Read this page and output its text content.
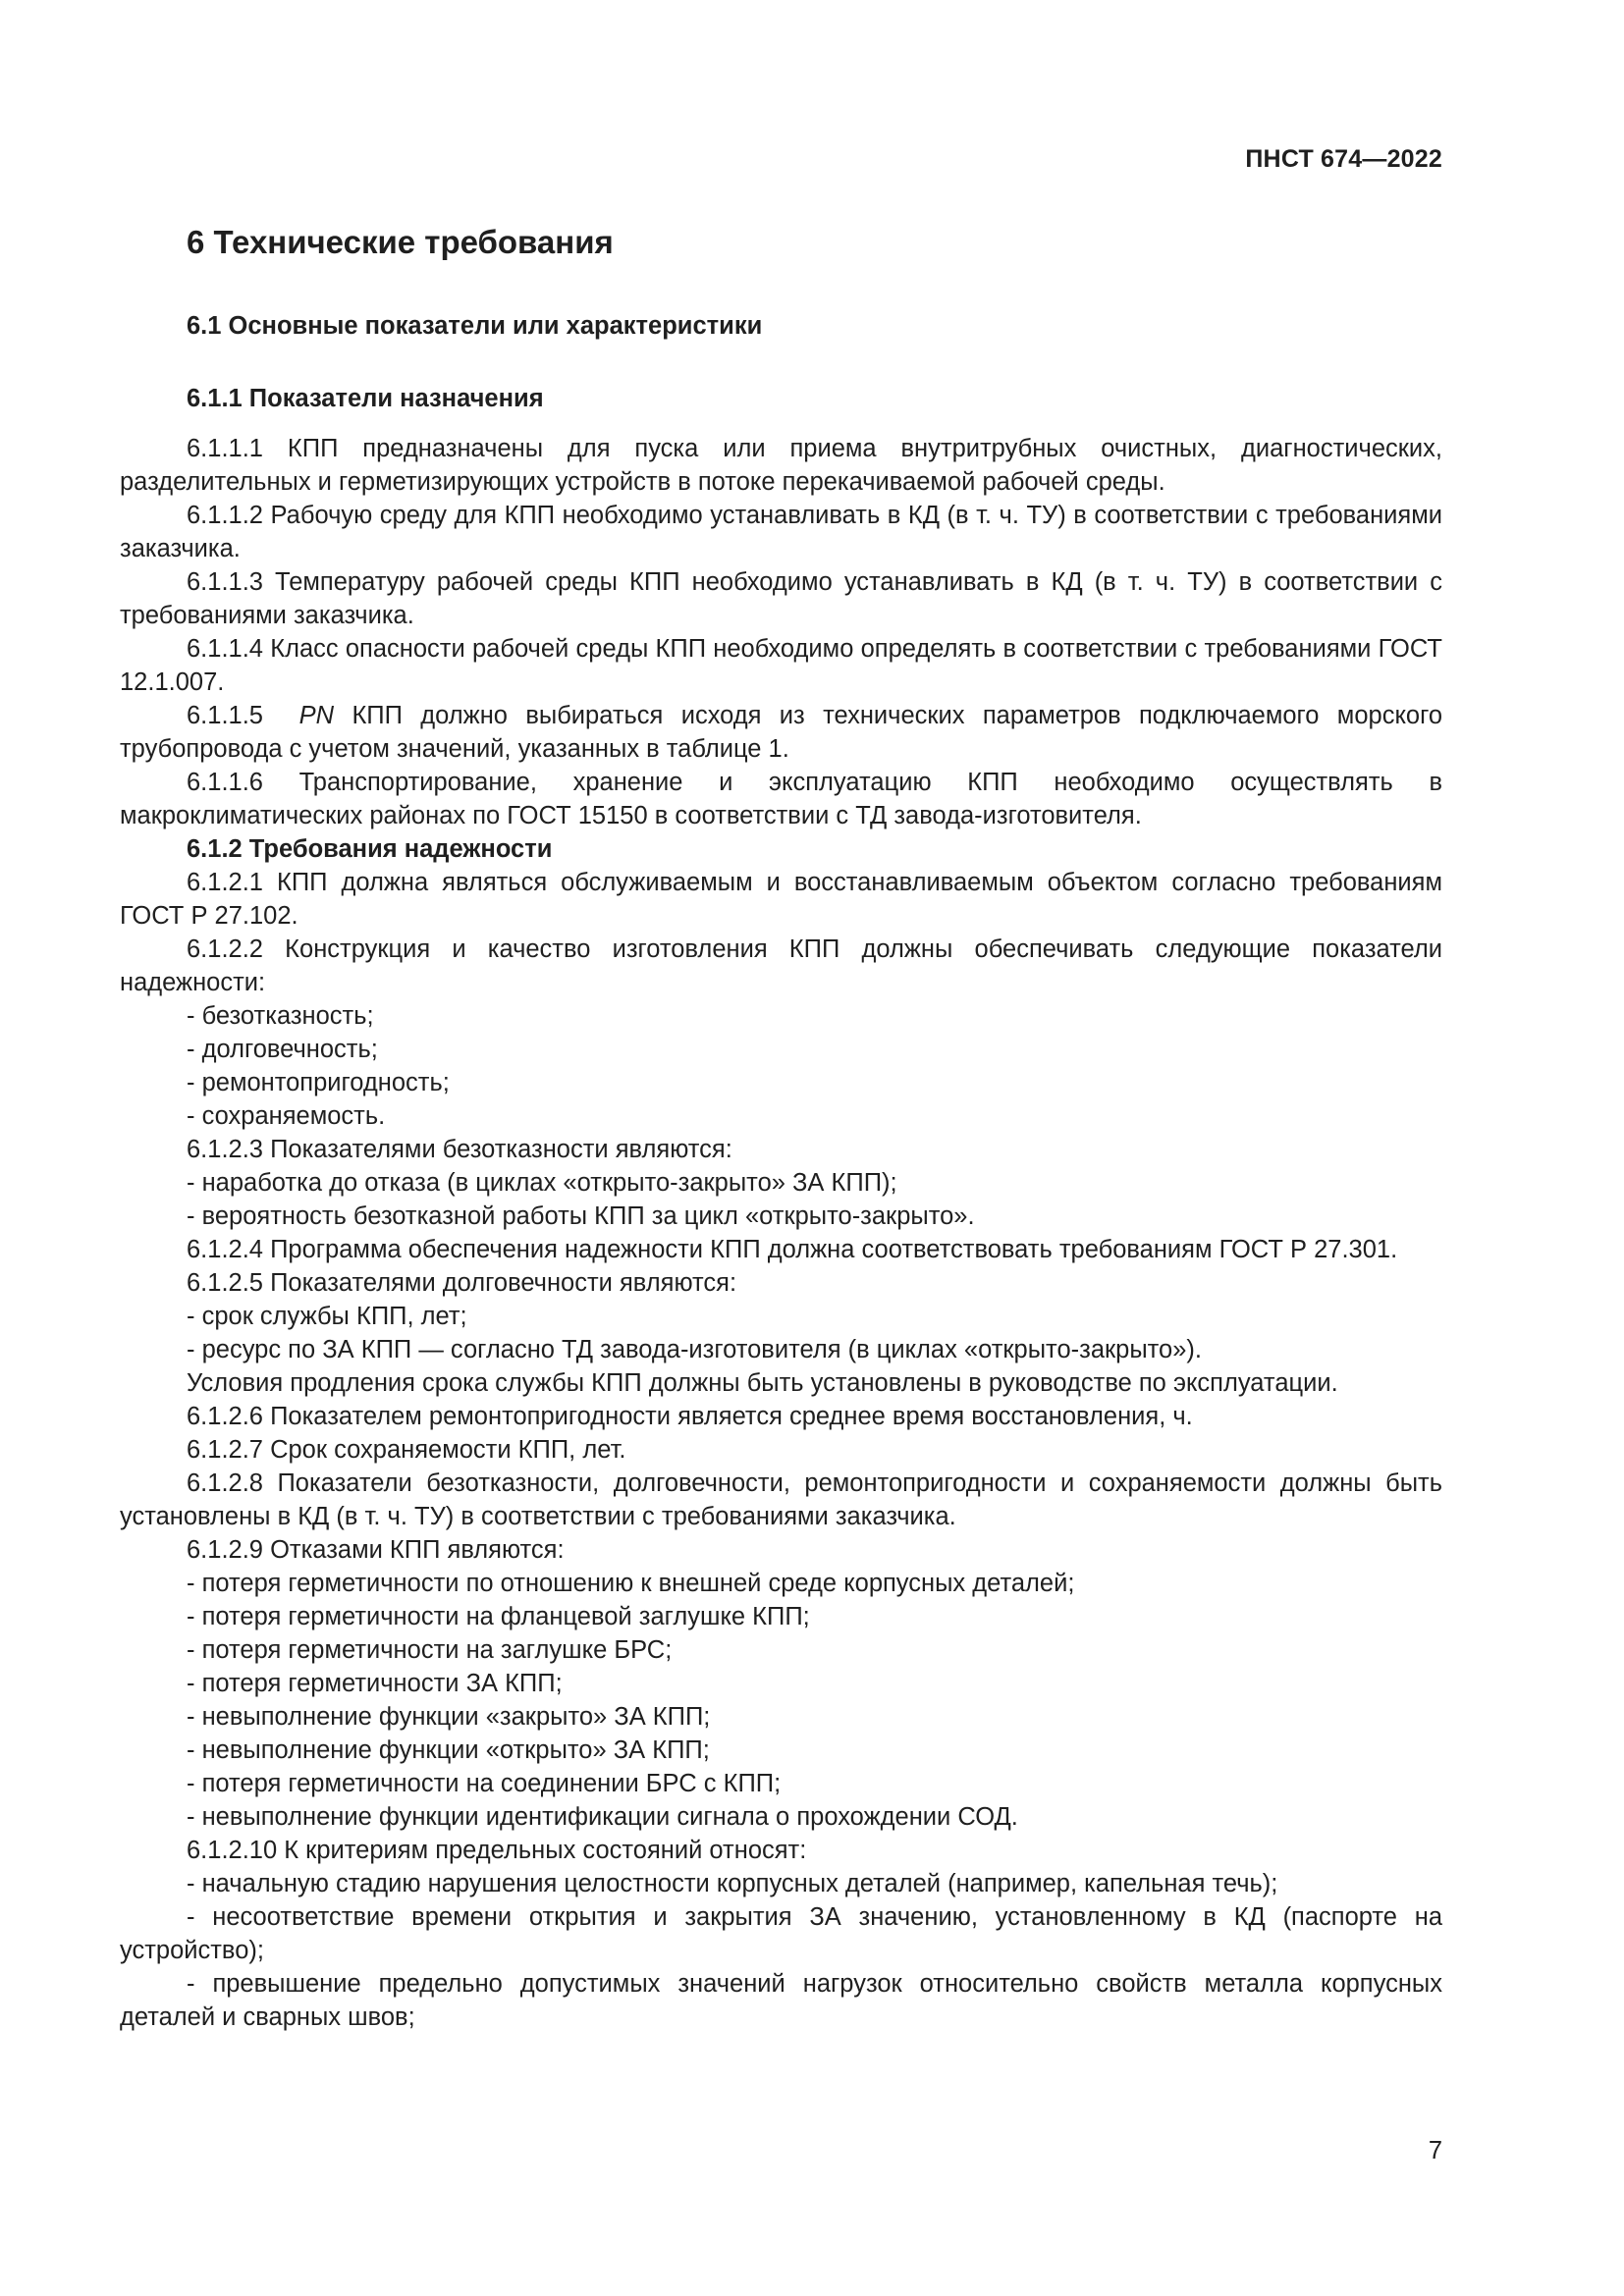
ПНСТ 674—2022
6 Технические требования
6.1 Основные показатели или характеристики
6.1.1 Показатели назначения

6.1.1.1 КПП предназначены для пуска или приема внутритрубных очистных, диагностических, разделительных и герметизирующих устройств в потоке перекачиваемой рабочей среды.

6.1.1.2 Рабочую среду для КПП необходимо устанавливать в КД (в т. ч. ТУ) в соответствии с требованиями заказчика.

6.1.1.3 Температуру рабочей среды КПП необходимо устанавливать в КД (в т. ч. ТУ) в соответствии с требованиями заказчика.

6.1.1.4 Класс опасности рабочей среды КПП необходимо определять в соответствии с требованиями ГОСТ 12.1.007.

6.1.1.5 PN КПП должно выбираться исходя из технических параметров подключаемого морского трубопровода с учетом значений, указанных в таблице 1.

6.1.1.6 Транспортирование, хранение и эксплуатацию КПП необходимо осуществлять в макроклиматических районах по ГОСТ 15150 в соответствии с ТД завода-изготовителя.

6.1.2 Требования надежности

6.1.2.1 КПП должна являться обслуживаемым и восстанавливаемым объектом согласно требованиям ГОСТ Р 27.102.

6.1.2.2 Конструкция и качество изготовления КПП должны обеспечивать следующие показатели надежности:

- безотказность;

- долговечность;

- ремонтопригодность;

- сохраняемость.

6.1.2.3 Показателями безотказности являются:

- наработка до отказа (в циклах «открыто-закрыто» ЗА КПП);

- вероятность безотказной работы КПП за цикл «открыто-закрыто».

6.1.2.4 Программа обеспечения надежности КПП должна соответствовать требованиям ГОСТ Р 27.301.

6.1.2.5 Показателями долговечности являются:

- срок службы КПП, лет;

- ресурс по ЗА КПП — согласно ТД завода-изготовителя (в циклах «открыто-закрыто»).

Условия продления срока службы КПП должны быть установлены в руководстве по эксплуатации.

6.1.2.6 Показателем ремонтопригодности является среднее время восстановления, ч.

6.1.2.7 Срок сохраняемости КПП, лет.

6.1.2.8 Показатели безотказности, долговечности, ремонтопригодности и сохраняемости должны быть установлены в КД (в т. ч. ТУ) в соответствии с требованиями заказчика.

6.1.2.9 Отказами КПП являются:

- потеря герметичности по отношению к внешней среде корпусных деталей;

- потеря герметичности на фланцевой заглушке КПП;

- потеря герметичности на заглушке БРС;

- потеря герметичности ЗА КПП;

- невыполнение функции «закрыто» ЗА КПП;

- невыполнение функции «открыто» ЗА КПП;

- потеря герметичности на соединении БРС с КПП;

- невыполнение функции идентификации сигнала о прохождении СОД.

6.1.2.10 К критериям предельных состояний относят:

- начальную стадию нарушения целостности корпусных деталей (например, капельная течь);

- несоответствие времени открытия и закрытия ЗА значению, установленному в КД (паспорте на устройство);

- превышение предельно допустимых значений нагрузок относительно свойств металла корпусных деталей и сварных швов;

7
